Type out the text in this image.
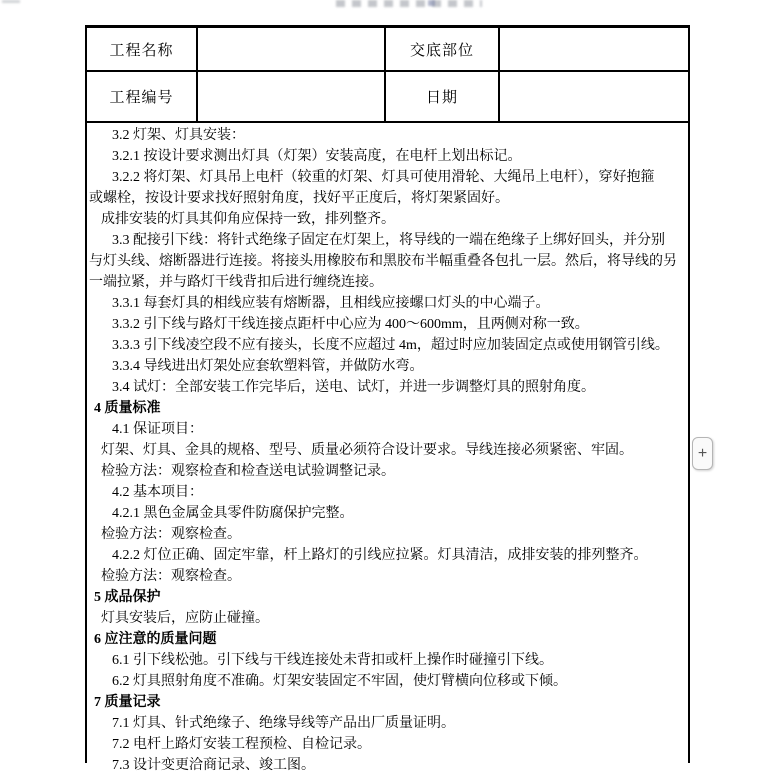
工程名称	交底部位
工程编号	日期
3.2 灯架、灯具安装：
3.2.1 按设计要求测出灯具（灯架）安装高度，在电杆上划出标记。
3.2.2 将灯架、灯具吊上电杆（较重的灯架、灯具可使用滑轮、大绳吊上电杆），穿好抱箍
或螺栓，按设计要求找好照射角度，找好平正度后，将灯架紧固好。
成排安装的灯具其仰角应保持一致，排列整齐。
3.3 配接引下线：将针式绝缘子固定在灯架上，将导线的一端在绝缘子上绑好回头，并分别
与灯头线、熔断器进行连接。将接头用橡胶布和黑胶布半幅重叠各包扎一层。然后，将导线的另
一端拉紧，并与路灯干线背扣后进行缠绕连接。
3.3.1 每套灯具的相线应装有熔断器，且相线应接螺口灯头的中心端子。
3.3.2 引下线与路灯干线连接点距杆中心应为 400～600mm，且两侧对称一致。
3.3.3 引下线凌空段不应有接头，长度不应超过 4m，超过时应加装固定点或使用钢管引线。
3.3.4 导线进出灯架处应套软塑料管，并做防水弯。
3.4 试灯：全部安装工作完毕后，送电、试灯，并进一步调整灯具的照射角度。
4 质量标准
4.1 保证项目：
灯架、灯具、金具的规格、型号、质量必须符合设计要求。导线连接必须紧密、牢固。
检验方法：观察检查和检查送电试验调整记录。
4.2 基本项目：
4.2.1 黑色金属金具零件防腐保护完整。
检验方法：观察检查。
4.2.2 灯位正确、固定牢靠，杆上路灯的引线应拉紧。灯具清洁，成排安装的排列整齐。
检验方法：观察检查。
5 成品保护
灯具安装后，应防止碰撞。
6 应注意的质量问题
6.1 引下线松弛。引下线与干线连接处未背扣或杆上操作时碰撞引下线。
6.2 灯具照射角度不准确。灯架安装固定不牢固，使灯臂横向位移或下倾。
7 质量记录
7.1 灯具、针式绝缘子、绝缘导线等产品出厂质量证明。
7.2 电杆上路灯安装工程预检、自检记录。
7.3 设计变更洽商记录、竣工图。
+
